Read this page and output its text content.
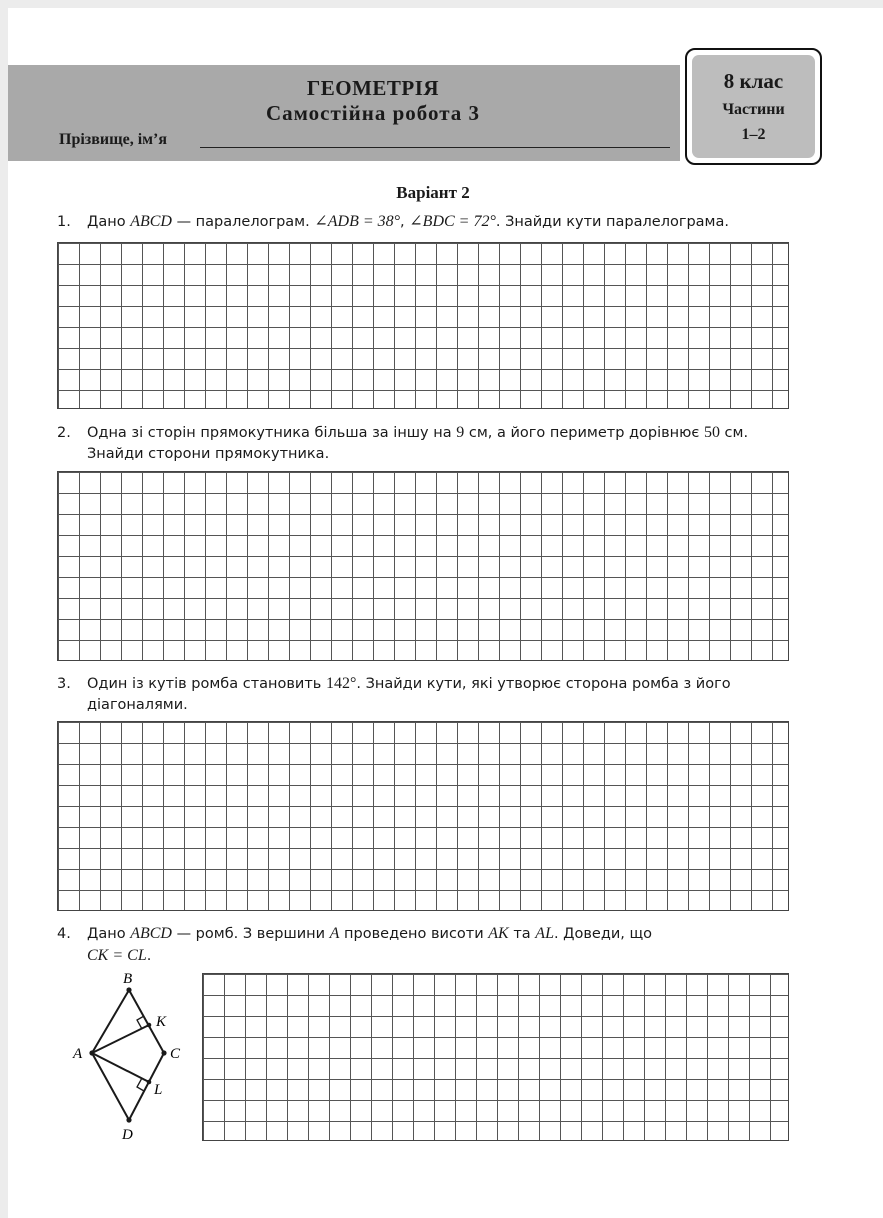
ГЕОМЕТРІЯ
Самостійна робота 3
Прізвище, ім’я
8 клас
Частини
1–2
Варіант 2
1. Дано ABCD — паралелограм. ∠ADB = 38°, ∠BDC = 72°. Знайди кути паралелограма.
2. Одна зі сторін прямокутника більша за іншу на 9 см, а його периметр дорівнює 50 см.
Знайди сторони прямокутника.
3. Один із кутів ромба становить 142°. Знайди кути, які утворює сторона ромба з його
діагоналями.
4. Дано ABCD — ромб. З вершини A проведено висоти AK та AL. Доведи, що
CK = CL.
B
K
C
A
L
D
